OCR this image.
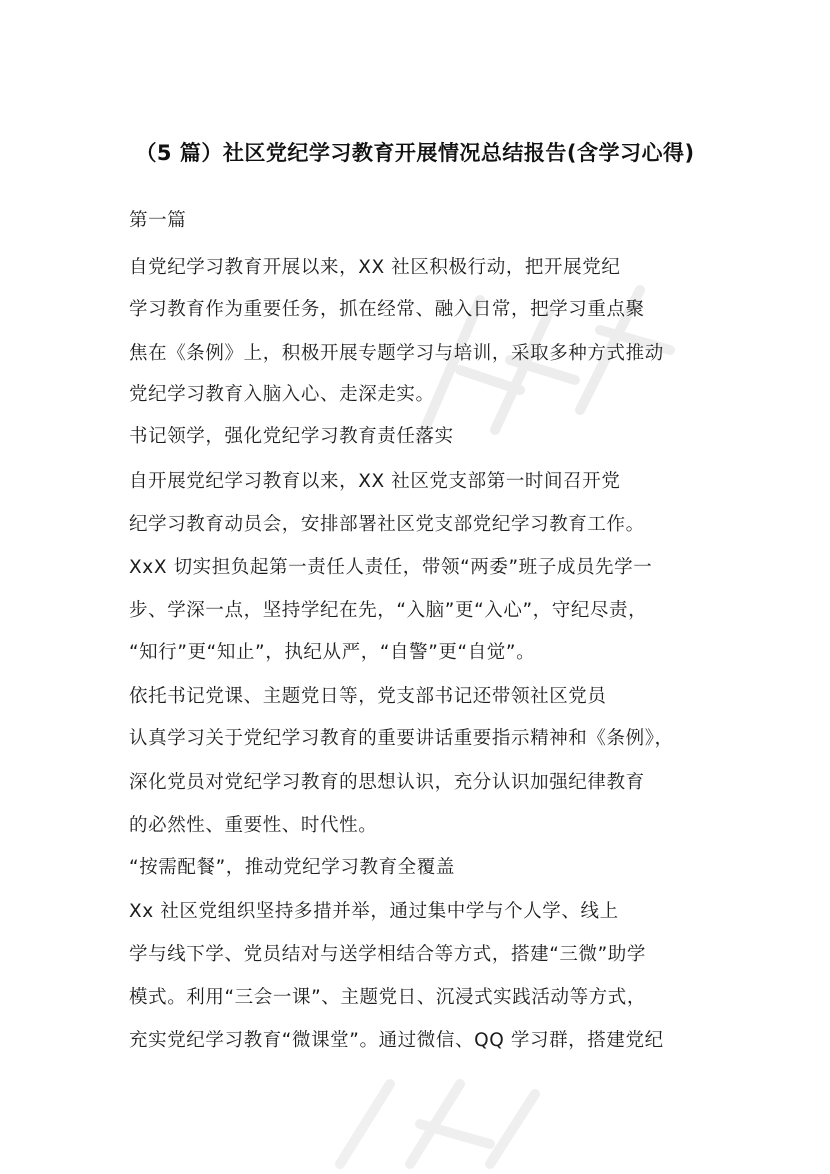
（5 篇）社区党纪学习教育开展情况总结报告(含学习心得)
第一篇
自党纪学习教育开展以来，XX 社区积极行动，把开展党纪
学习教育作为重要任务，抓在经常、融入日常，把学习重点聚
焦在《条例》上，积极开展专题学习与培训，采取多种方式推动
党纪学习教育入脑入心、走深走实。
书记领学，强化党纪学习教育责任落实
自开展党纪学习教育以来，XX 社区党支部第一时间召开党
纪学习教育动员会，安排部署社区党支部党纪学习教育工作。
XxX 切实担负起第一责任人责任，带领“两委”班子成员先学一
步、学深一点，坚持学纪在先，“入脑”更“入心”，守纪尽责，
“知行”更“知止”，执纪从严，“自警”更“自觉”。
依托书记党课、主题党日等，党支部书记还带领社区党员
认真学习关于党纪学习教育的重要讲话重要指示精神和《条例》，
深化党员对党纪学习教育的思想认识，充分认识加强纪律教育
的必然性、重要性、时代性。
“按需配餐”，推动党纪学习教育全覆盖
Xx 社区党组织坚持多措并举，通过集中学与个人学、线上
学与线下学、党员结对与送学相结合等方式，搭建“三微”助学
模式。利用“三会一课”、主题党日、沉浸式实践活动等方式，
充实党纪学习教育“微课堂”。通过微信、QQ 学习群，搭建党纪
